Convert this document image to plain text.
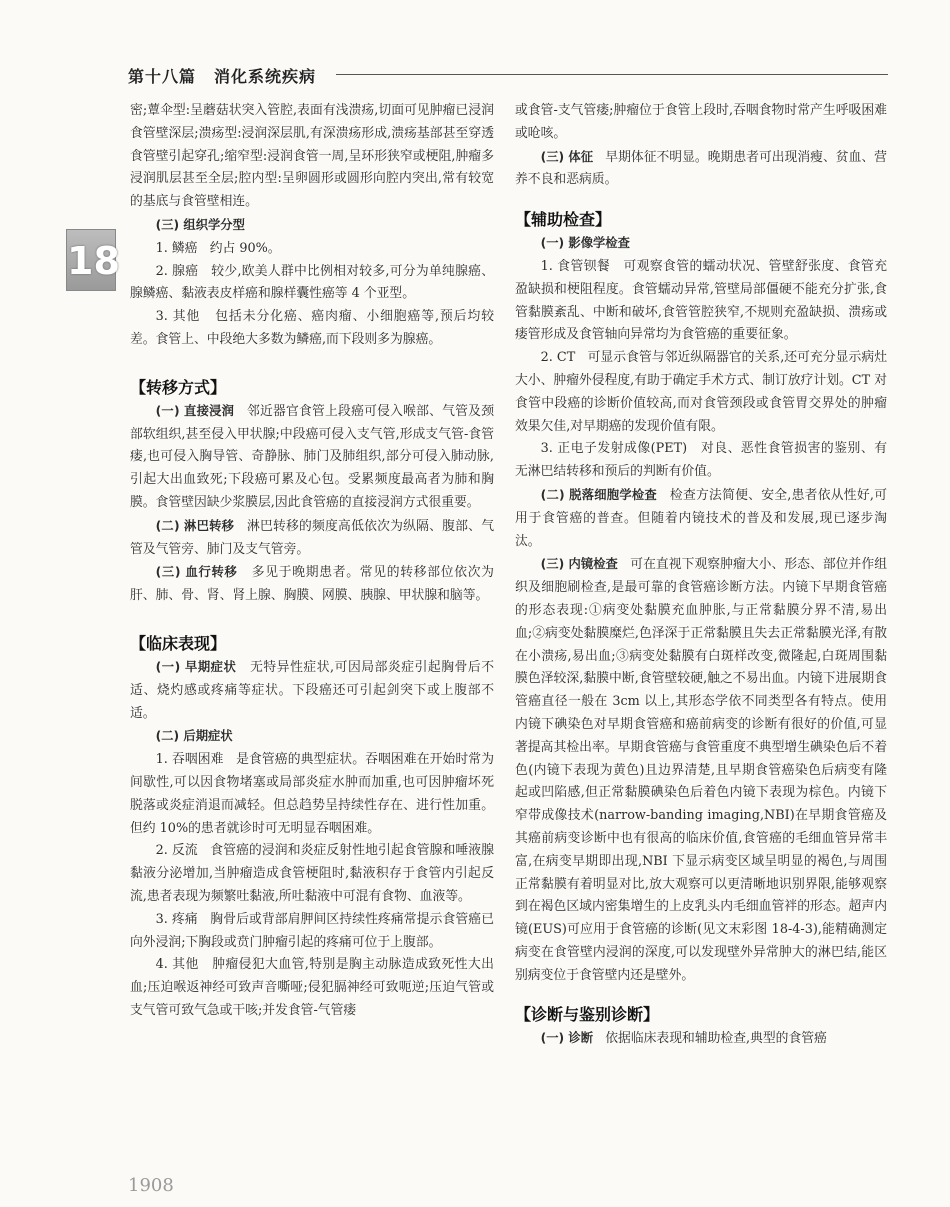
第十八篇 消化系统疾病
18

密;蕈伞型:呈蘑菇状突入管腔,表面有浅溃疡,切面可见肿瘤已浸润食管壁深层;溃疡型:浸润深层肌,有深溃疡形成,溃疡基部甚至穿透食管壁引起穿孔;缩窄型:浸润食管一周,呈环形狭窄或梗阻,肿瘤多浸润肌层甚至全层;腔内型:呈卵圆形或圆形向腔内突出,常有较宽的基底与食管壁相连。

(三) 组织学分型

1. 鳞癌 约占 90%。

2. 腺癌 较少,欧美人群中比例相对较多,可分为单纯腺癌、腺鳞癌、黏液表皮样癌和腺样囊性癌等 4 个亚型。

3. 其他 包括未分化癌、癌肉瘤、小细胞癌等,预后均较差。食管上、中段绝大多数为鳞癌,而下段则多为腺癌。

【转移方式】

(一) 直接浸润 邻近器官食管上段癌可侵入喉部、气管及颈部软组织,甚至侵入甲状腺;中段癌可侵入支气管,形成支气管-食管瘘,也可侵入胸导管、奇静脉、肺门及肺组织,部分可侵入肺动脉,引起大出血致死;下段癌可累及心包。受累频度最高者为肺和胸膜。食管壁因缺少浆膜层,因此食管癌的直接浸润方式很重要。

(二) 淋巴转移 淋巴转移的频度高低依次为纵隔、腹部、气管及气管旁、肺门及支气管旁。

(三) 血行转移 多见于晚期患者。常见的转移部位依次为肝、肺、骨、肾、肾上腺、胸膜、网膜、胰腺、甲状腺和脑等。

【临床表现】

(一) 早期症状 无特异性症状,可因局部炎症引起胸骨后不适、烧灼感或疼痛等症状。下段癌还可引起剑突下或上腹部不适。

(二) 后期症状

1. 吞咽困难 是食管癌的典型症状。吞咽困难在开始时常为间歇性,可以因食物堵塞或局部炎症水肿而加重,也可因肿瘤坏死脱落或炎症消退而减轻。但总趋势呈持续性存在、进行性加重。但约 10%的患者就诊时可无明显吞咽困难。

2. 反流 食管癌的浸润和炎症反射性地引起食管腺和唾液腺黏液分泌增加,当肿瘤造成食管梗阻时,黏液积存于食管内引起反流,患者表现为频繁吐黏液,所吐黏液中可混有食物、血液等。

3. 疼痛 胸骨后或背部肩胛间区持续性疼痛常提示食管癌已向外浸润;下胸段或贲门肿瘤引起的疼痛可位于上腹部。

4. 其他 肿瘤侵犯大血管,特别是胸主动脉造成致死性大出血;压迫喉返神经可致声音嘶哑;侵犯膈神经可致呃逆;压迫气管或支气管可致气急或干咳;并发食管-气管瘘

或食管-支气管瘘;肿瘤位于食管上段时,吞咽食物时常产生呼吸困难或呛咳。

(三) 体征 早期体征不明显。晚期患者可出现消瘦、贫血、营养不良和恶病质。

【辅助检查】

(一) 影像学检查

1. 食管钡餐 可观察食管的蠕动状况、管壁舒张度、食管充盈缺损和梗阻程度。食管蠕动异常,管壁局部僵硬不能充分扩张,食管黏膜紊乱、中断和破坏,食管管腔狭窄,不规则充盈缺损、溃疡或瘘管形成及食管轴向异常均为食管癌的重要征象。

2. CT 可显示食管与邻近纵隔器官的关系,还可充分显示病灶大小、肿瘤外侵程度,有助于确定手术方式、制订放疗计划。CT 对食管中段癌的诊断价值较高,而对食管颈段或食管胃交界处的肿瘤效果欠佳,对早期癌的发现价值有限。

3. 正电子发射成像(PET) 对良、恶性食管损害的鉴别、有无淋巴结转移和预后的判断有价值。

(二) 脱落细胞学检查 检查方法简便、安全,患者依从性好,可用于食管癌的普查。但随着内镜技术的普及和发展,现已逐步淘汰。

(三) 内镜检查 可在直视下观察肿瘤大小、形态、部位并作组织及细胞刷检查,是最可靠的食管癌诊断方法。内镜下早期食管癌的形态表现:①病变处黏膜充血肿胀,与正常黏膜分界不清,易出血;②病变处黏膜糜烂,色泽深于正常黏膜且失去正常黏膜光泽,有散在小溃疡,易出血;③病变处黏膜有白斑样改变,微隆起,白斑周围黏膜色泽较深,黏膜中断,食管壁较硬,触之不易出血。内镜下进展期食管癌直径一般在 3cm 以上,其形态学依不同类型各有特点。使用内镜下碘染色对早期食管癌和癌前病变的诊断有很好的价值,可显著提高其检出率。早期食管癌与食管重度不典型增生碘染色后不着色(内镜下表现为黄色)且边界清楚,且早期食管癌染色后病变有隆起或凹陷感,但正常黏膜碘染色后着色内镜下表现为棕色。内镜下窄带成像技术(narrow-banding imaging,NBI)在早期食管癌及其癌前病变诊断中也有很高的临床价值,食管癌的毛细血管异常丰富,在病变早期即出现,NBI 下显示病变区域呈明显的褐色,与周围正常黏膜有着明显对比,放大观察可以更清晰地识别界限,能够观察到在褐色区域内密集增生的上皮乳头内毛细血管袢的形态。超声内镜(EUS)可应用于食管癌的诊断(见文末彩图 18-4-3),能精确测定病变在食管壁内浸润的深度,可以发现壁外异常肿大的淋巴结,能区别病变位于食管壁内还是壁外。

【诊断与鉴别诊断】

(一) 诊断 依据临床表现和辅助检查,典型的食管癌

1908
